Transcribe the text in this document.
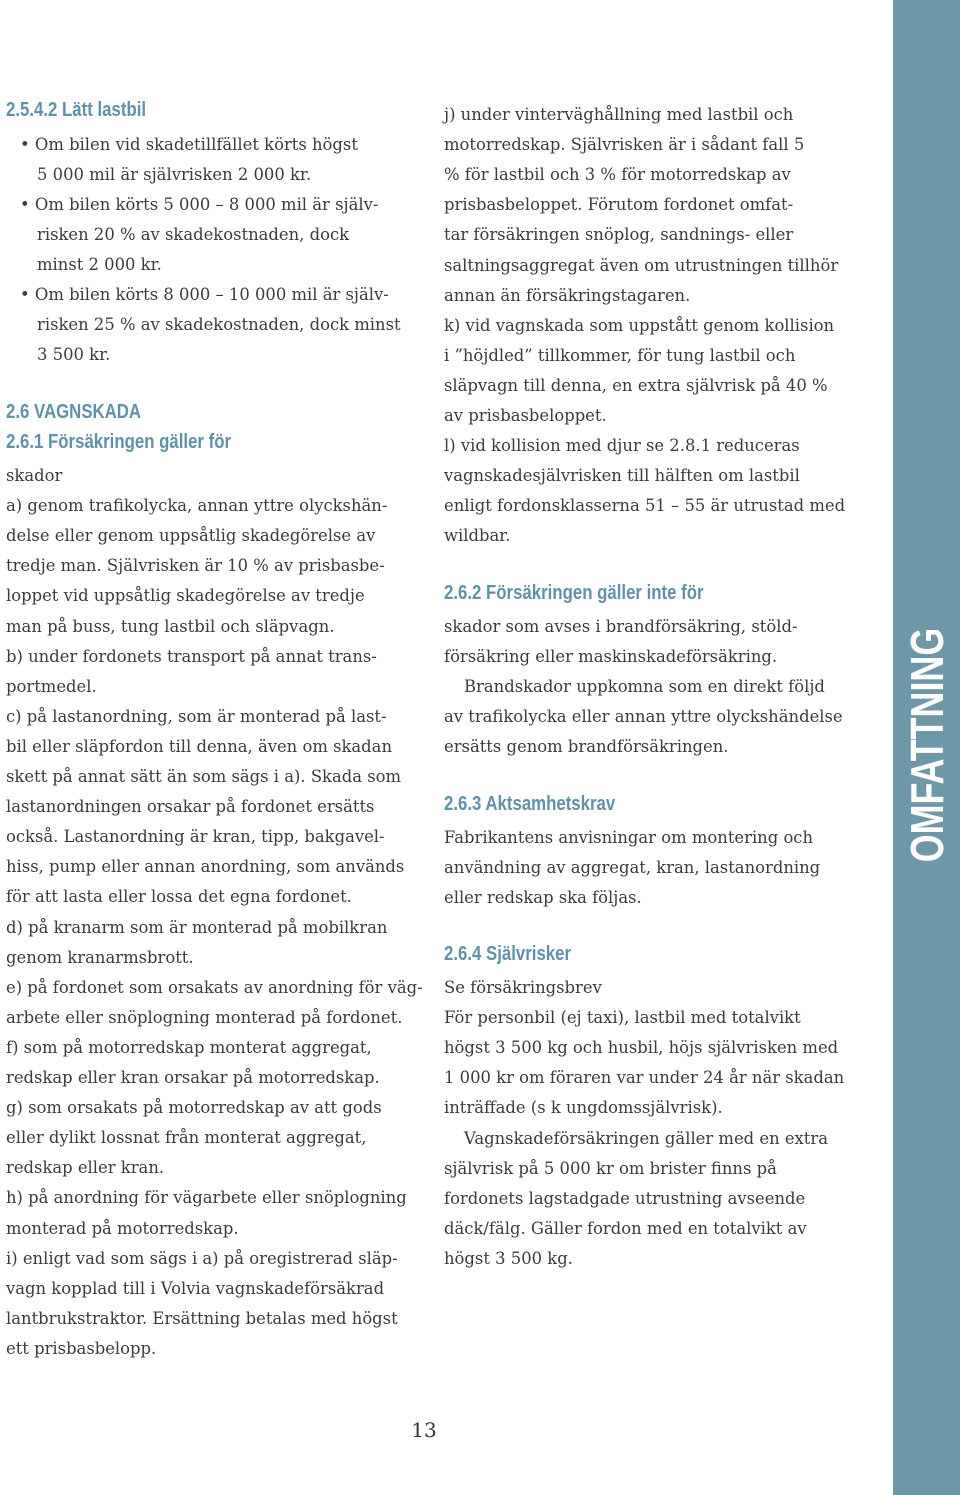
2.5.4.2 Lätt lastbil
• Om bilen vid skadetillfället körts högst
5 000 mil är självrisken 2 000 kr.
• Om bilen körts 5 000 – 8 000 mil är själv-
risken 20 % av skadekostnaden, dock
minst 2 000 kr.
• Om bilen körts 8 000 – 10 000 mil är själv-
risken 25 % av skadekostnaden, dock minst
3 500 kr.
2.6 VAGNSKADA
2.6.1 Försäkringen gäller för
skador
a) genom trafikolycka, annan yttre olyckshän-
delse eller genom uppsåtlig skadegörelse av
tredje man. Självrisken är 10 % av prisbasbe-
loppet vid uppsåtlig skadegörelse av tredje
man på buss, tung lastbil och släpvagn.
b) under fordonets transport på annat trans-
portmedel.
c) på lastanordning, som är monterad på last-
bil eller släpfordon till denna, även om skadan
skett på annat sätt än som sägs i a). Skada som
lastanordningen orsakar på fordonet ersätts
också. Lastanordning är kran, tipp, bakgavel-
hiss, pump eller annan anordning, som används
för att lasta eller lossa det egna fordonet.
d) på kranarm som är monterad på mobilkran
genom kranarmsbrott.
e) på fordonet som orsakats av anordning för väg-
arbete eller snöplogning monterad på fordonet.
f) som på motorredskap monterat aggregat,
redskap eller kran orsakar på motorredskap.
g) som orsakats på motorredskap av att gods
eller dylikt lossnat från monterat aggregat,
redskap eller kran.
h) på anordning för vägarbete eller snöplogning
monterad på motorredskap.
i) enligt vad som sägs i a) på oregistrerad släp-
vagn kopplad till i Volvia vagnskadeförsäkrad
lantbrukstraktor. Ersättning betalas med högst
ett prisbasbelopp.
j) under vinterväghållning med lastbil och
motorredskap. Självrisken är i sådant fall 5
% för lastbil och 3 % för motorredskap av
prisbasbeloppet. Förutom fordonet omfat-
tar försäkringen snöplog, sandnings- eller
saltningsaggregat även om utrustningen tillhör
annan än försäkringstagaren.
k) vid vagnskada som uppstått genom kollision
i ”höjdled” tillkommer, för tung lastbil och
släpvagn till denna, en extra självrisk på 40 %
av prisbasbeloppet.
l) vid kollision med djur se 2.8.1 reduceras
vagnskadesjälvrisken till hälften om lastbil
enligt fordonsklasserna 51 – 55 är utrustad med
wildbar.
2.6.2 Försäkringen gäller inte för
skador som avses i brandförsäkring, stöld-
försäkring eller maskinskadeförsäkring.
Brandskador uppkomna som en direkt följd
av trafikolycka eller annan yttre olyckshändelse
ersätts genom brandförsäkringen.
2.6.3 Aktsamhetskrav
Fabrikantens anvisningar om montering och
användning av aggregat, kran, lastanordning
eller redskap ska följas.
2.6.4 Självrisker
Se försäkringsbrev
För personbil (ej taxi), lastbil med totalvikt
högst 3 500 kg och husbil, höjs självrisken med
1 000 kr om föraren var under 24 år när skadan
inträffade (s k ungdomssjälvrisk).
Vagnskadeförsäkringen gäller med en extra
självrisk på 5 000 kr om brister finns på
fordonets lagstadgade utrustning avseende
däck/fälg. Gäller fordon med en totalvikt av
högst 3 500 kg.
13
OMFATTNING
